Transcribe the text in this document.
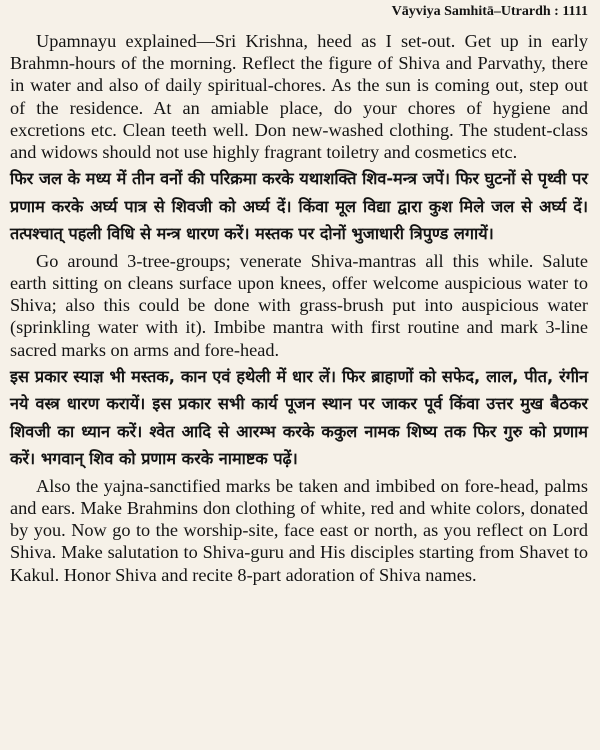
Vāyviya Samhitā–Utrardh : 1111

Upamnayu explained—Sri Krishna, heed as I set-out. Get up in early Brahmn-hours of the morning. Reflect the figure of Shiva and Parvathy, there in water and also of daily spiritual-chores. As the sun is coming out, step out of the residence. At an amiable place, do your chores of hygiene and excretions etc. Clean teeth well. Don new-washed clothing. The student-class and widows should not use highly fragrant toiletry and cosmetics etc.

फिर जल के मध्य में तीन वनों की परिक्रमा करके यथाशक्ति शिव-मन्त्र जपें। फिर घुटनों से पृथ्वी पर प्रणाम करके अर्घ्य पात्र से शिवजी को अर्घ्य दें। किंवा मूल विद्या द्वारा कुश मिले जल से अर्घ्य दें। तत्पश्चात् पहली विधि से मन्त्र धारण करें। मस्तक पर दोनों भुजाधारी त्रिपुण्ड लगायें।

Go around 3-tree-groups; venerate Shiva-mantras all this while. Salute earth sitting on cleans surface upon knees, offer welcome auspicious water to Shiva; also this could be done with grass-brush put into auspicious water (sprinkling water with it). Imbibe mantra with first routine and mark 3-line sacred marks on arms and fore-head.

इस प्रकार स्याज्ञ भी मस्तक, कान एवं हथेली में धार लें। फिर ब्राहाणों को सफेद, लाल, पीत, रंगीन नये वस्त्र धारण करायें। इस प्रकार सभी कार्य पूजन स्थान पर जाकर पूर्व किंवा उत्तर मुख बैठकर शिवजी का ध्यान करें। श्वेत आदि से आरम्भ करके ककुल नामक शिष्य तक फिर गुरु को प्रणाम करें। भगवान् शिव को प्रणाम करके नामाष्टक पढ़ें।

Also the yajna-sanctified marks be taken and imbibed on fore-head, palms and ears. Make Brahmins don clothing of white, red and white colors, donated by you. Now go to the worship-site, face east or north, as you reflect on Lord Shiva. Make salutation to Shiva-guru and His disciples starting from Shavet to Kakul. Honor Shiva and recite 8-part adoration of Shiva names.
